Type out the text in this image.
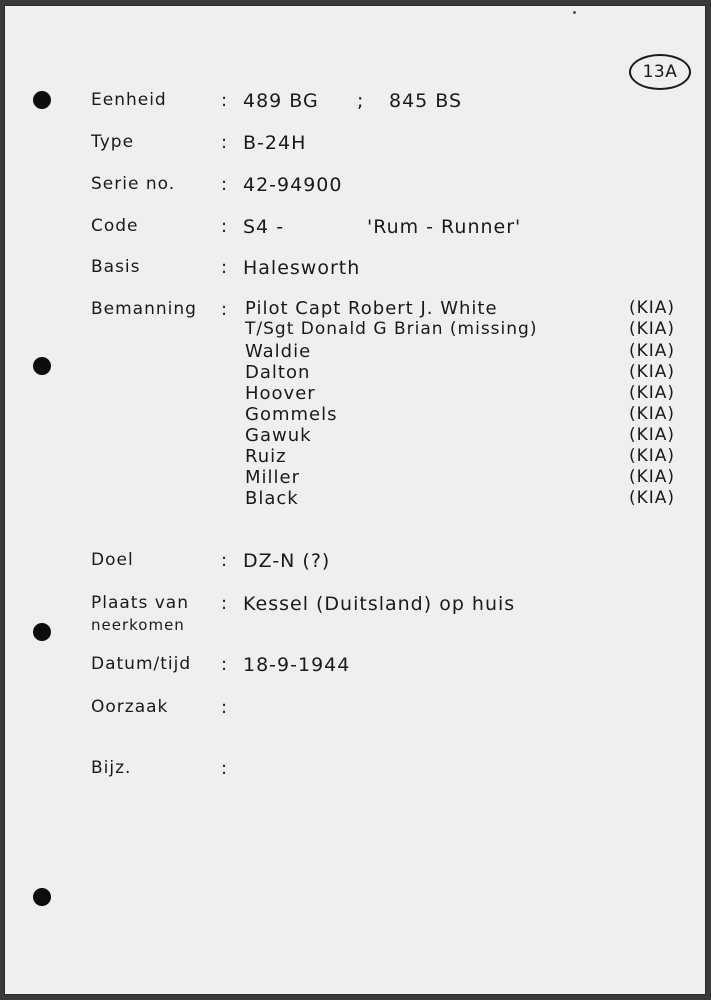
13A
Eenheid	: 489 BG ; 845 BS
Type	: B-24H
Serie no.	: 42-94900
Code	: S4 -	'Rum - Runner'
Basis	: Halesworth
Bemanning : Pilot Capt Robert J. White	(KIA)
T/Sgt Donald G Brian (missing)	(KIA)
Waldie	(KIA)
Dalton	(KIA)
Hoover	(KIA)
Gommels	(KIA)
Gawuk	(KIA)
Ruiz	(KIA)
Miller	(KIA)
Black	(KIA)
Doel	: DZ-N (?)
Plaats van : Kessel (Duitsland) op huis
neerkomen
Datum/tijd : 18-9-1944
Oorzaak	:
Bijz.	:
